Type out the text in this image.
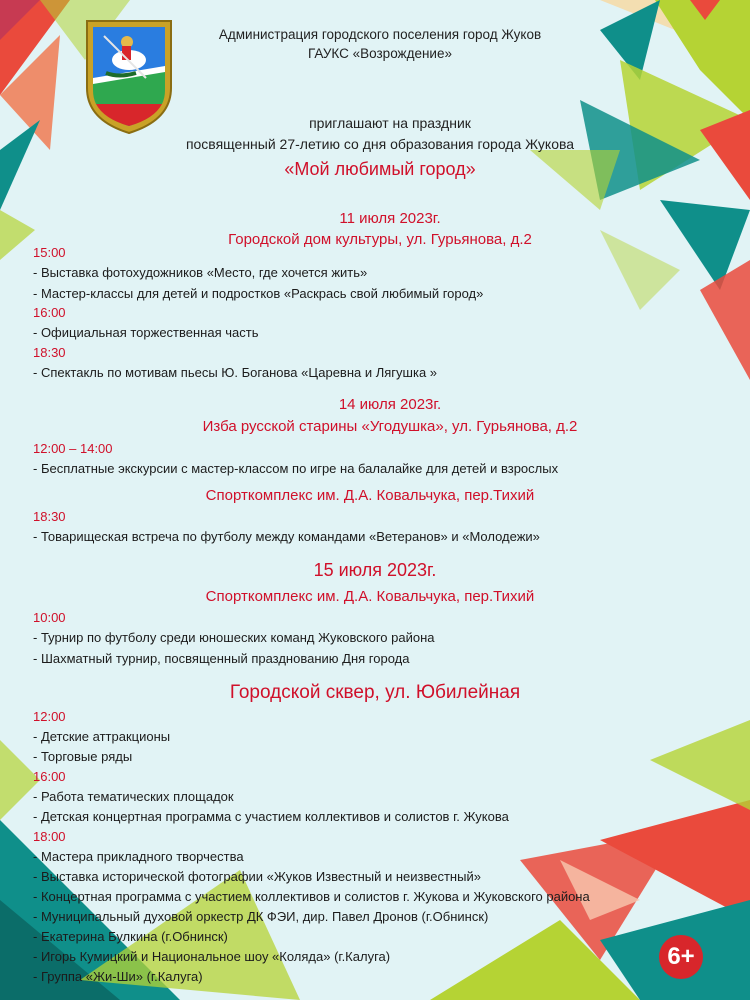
Администрация городского поселения город Жуков
ГАУКС «Возрождение»
приглашают на праздник
посвященный 27-летию со дня образования города Жукова
«Мой любимый город»
11 июля 2023г.
Городской дом культуры, ул. Гурьянова, д.2
15:00
- Выставка фотохудожников «Место, где хочется жить»
- Мастер-классы для детей и подростков «Раскрась свой любимый город»
16:00
- Официальная торжественная часть
18:30
- Спектакль по мотивам пьесы Ю. Боганова «Царевна и Лягушка »
14 июля 2023г.
Изба русской старины «Угодушка», ул. Гурьянова, д.2
12:00 – 14:00
- Бесплатные экскурсии с мастер-классом по игре на балалайке для детей и взрослых
Спорткомплекс им. Д.А. Ковальчука, пер.Тихий
18:30
- Товарищеская встреча по футболу между командами «Ветеранов» и «Молодежи»
15 июля 2023г.
Спорткомплекс им. Д.А. Ковальчука, пер.Тихий
10:00
- Турнир по футболу среди юношеских команд Жуковского района
- Шахматный турнир, посвященный празднованию Дня города
Городской сквер, ул. Юбилейная
12:00
- Детские аттракционы
- Торговые ряды
16:00
- Работа тематических площадок
- Детская концертная программа с участием коллективов и солистов г. Жукова
18:00
- Мастера прикладного творчества
- Выставка исторической фотографии «Жуков Известный и неизвестный»
- Концертная программа с участием коллективов и солистов г. Жукова и Жуковского района
- Муниципальный духовой оркестр ДК ФЭИ, дир. Павел Дронов (г.Обнинск)
- Екатерина Булкина (г.Обнинск)
- Игорь Кумицкий и Национальное шоу «Коляда» (г.Калуга)
- Группа «Жи-Ши» (г.Калуга)
6+
